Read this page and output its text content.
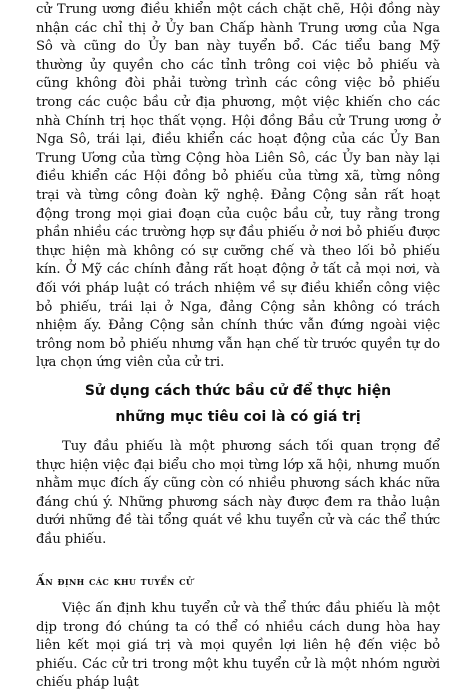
cử Trung ương điều khiển một cách chặt chẽ, Hội đồng này nhận các chỉ thị ở Ủy ban Chấp hành Trung ương của Nga Sô và cũng do Ủy ban này tuyển bổ. Các tiểu bang Mỹ thường ủy quyền cho các tỉnh trông coi việc bỏ phiếu và cũng không đòi phải tường trình các công việc bỏ phiếu trong các cuộc bầu cử địa phương, một việc khiến cho các nhà Chính trị học thất vọng. Hội đồng Bầu cử Trung ương ở Nga Sô, trái lại, điều khiển các hoạt động của các Ủy Ban Trung Ương của từng Cộng hòa Liên Sô, các Ủy ban này lại điều khiển các Hội đồng bỏ phiếu của từng xã, từng nông trại và từng công đoàn kỹ nghệ. Đảng Cộng sản rất hoạt động trong mọi giai đoạn của cuộc bầu cử, tuy rằng trong phần nhiều các trường hợp sự đầu phiếu ở nơi bỏ phiếu được thực hiện mà không có sự cưỡng chế và theo lối bỏ phiếu kín. Ở Mỹ các chính đảng rất hoạt động ở tất cả mọi nơi, và đối với pháp luật có trách nhiệm về sự điều khiển công việc bỏ phiếu, trái lại ở Nga, đảng Cộng sản không có trách nhiệm ấy. Đảng Cộng sản chính thức vẫn đứng ngoài việc trông nom bỏ phiếu nhưng vẫn hạn chế từ trước quyền tự do lựa chọn ứng viên của cử tri.

Sử dụng cách thức bầu cử để thực hiện
những mục tiêu coi là có giá trị

Tuy đầu phiếu là một phương sách tối quan trọng để thực hiện việc đại biểu cho mọi từng lớp xã hội, nhưng muốn nhằm mục đích ấy cũng còn có nhiều phương sách khác nữa đáng chú ý. Những phương sách này được đem ra thảo luận dưới những đề tài tổng quát về khu tuyển cử và các thể thức đầu phiếu.

Ấn định các khu tuyển cử

Việc ấn định khu tuyển cử và thể thức đầu phiếu là một dịp trong đó chúng ta có thể có nhiều cách dung hòa hay liên kết mọi giá trị và mọi quyền lợi liên hệ đến việc bỏ phiếu. Các cử tri trong một khu tuyển cử là một nhóm người chiếu pháp luật
